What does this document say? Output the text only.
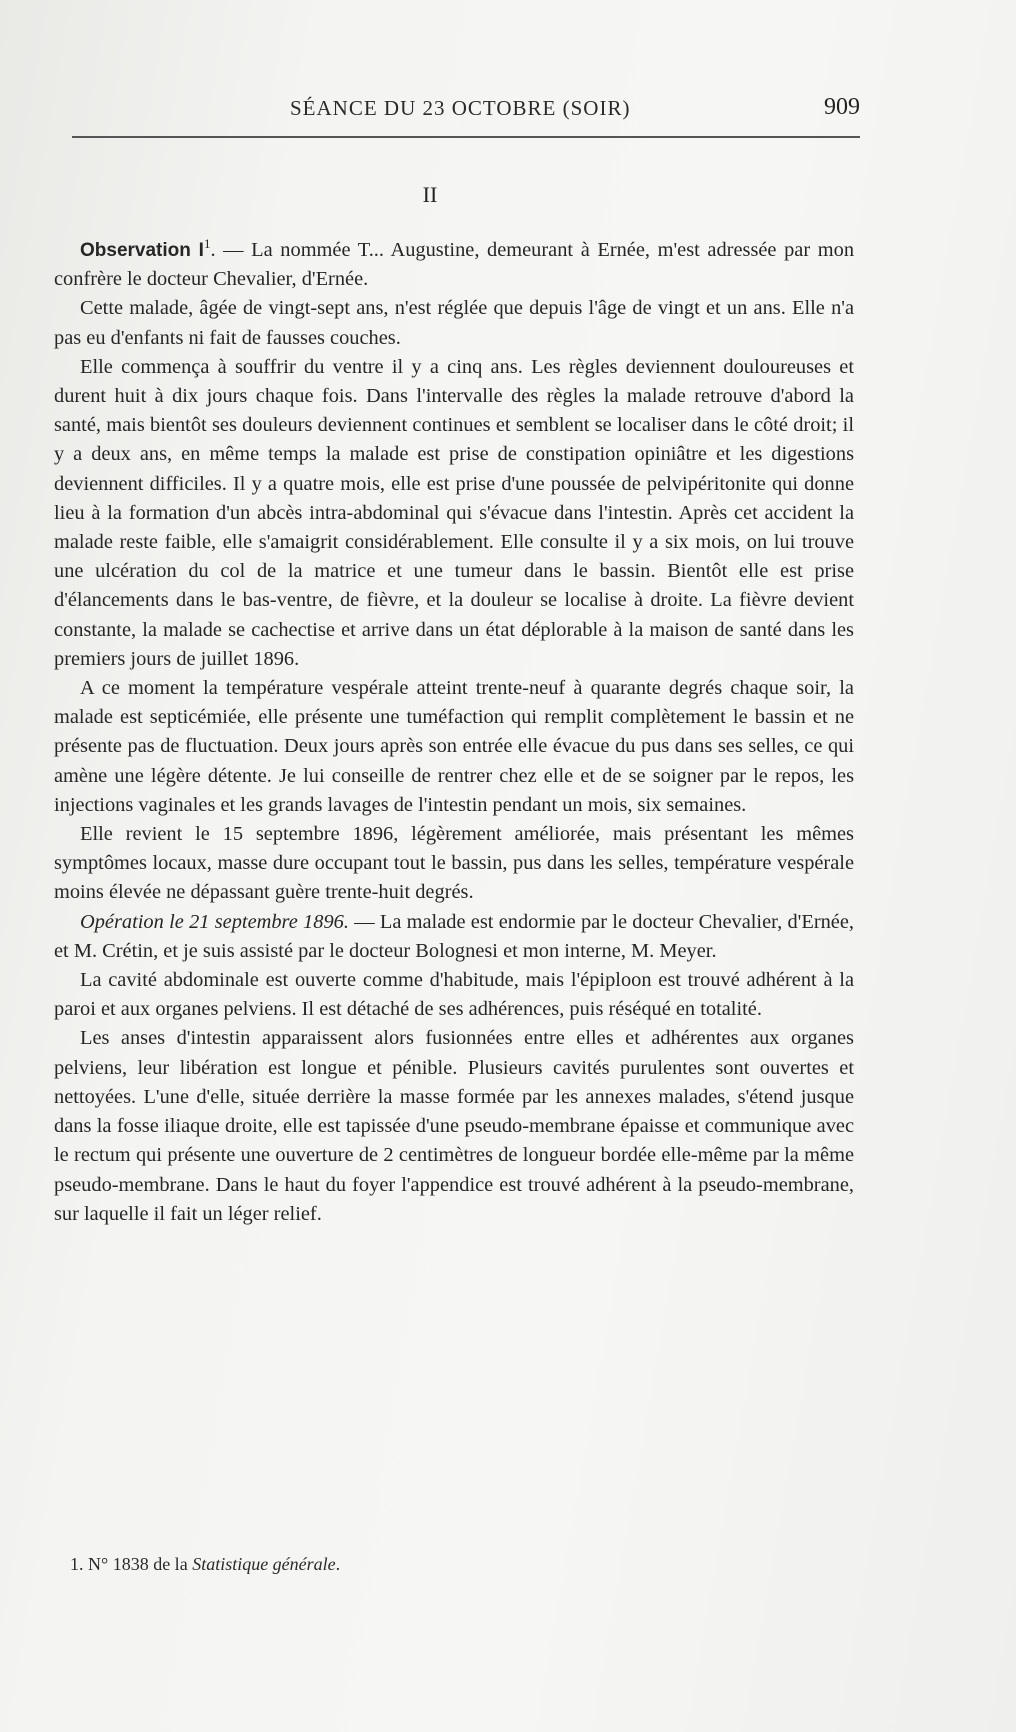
SÉANCE DU 23 OCTOBRE (SOIR)	909
II

Observation I$^1$. — La nommée T... Augustine, demeurant à Ernée, m'est adressée par mon confrère le docteur Chevalier, d'Ernée.

Cette malade, âgée de vingt-sept ans, n'est réglée que depuis l'âge de vingt et un ans. Elle n'a pas eu d'enfants ni fait de fausses couches.

Elle commença à souffrir du ventre il y a cinq ans. Les règles deviennent douloureuses et durent huit à dix jours chaque fois. Dans l'intervalle des règles la malade retrouve d'abord la santé, mais bientôt ses douleurs deviennent continues et semblent se localiser dans le côté droit; il y a deux ans, en même temps la malade est prise de constipation opiniâtre et les digestions deviennent difficiles. Il y a quatre mois, elle est prise d'une poussée de pelvipéritonite qui donne lieu à la formation d'un abcès intra-abdominal qui s'évacue dans l'intestin. Après cet accident la malade reste faible, elle s'amaigrit considérablement. Elle consulte il y a six mois, on lui trouve une ulcération du col de la matrice et une tumeur dans le bassin. Bientôt elle est prise d'élancements dans le bas-ventre, de fièvre, et la douleur se localise à droite. La fièvre devient constante, la malade se cachectise et arrive dans un état déplorable à la maison de santé dans les premiers jours de juillet 1896.

A ce moment la température vespérale atteint trente-neuf à quarante degrés chaque soir, la malade est septicémiée, elle présente une tuméfaction qui remplit complètement le bassin et ne présente pas de fluctuation. Deux jours après son entrée elle évacue du pus dans ses selles, ce qui amène une légère détente. Je lui conseille de rentrer chez elle et de se soigner par le repos, les injections vaginales et les grands lavages de l'intestin pendant un mois, six semaines.

Elle revient le 15 septembre 1896, légèrement améliorée, mais présentant les mêmes symptômes locaux, masse dure occupant tout le bassin, pus dans les selles, température vespérale moins élevée ne dépassant guère trente-huit degrés.

Opération le 21 septembre 1896. — La malade est endormie par le docteur Chevalier, d'Ernée, et M. Crétin, et je suis assisté par le docteur Bolognesi et mon interne, M. Meyer.

La cavité abdominale est ouverte comme d'habitude, mais l'épiploon est trouvé adhérent à la paroi et aux organes pelviens. Il est détaché de ses adhérences, puis réséqué en totalité.

Les anses d'intestin apparaissent alors fusionnées entre elles et adhérentes aux organes pelviens, leur libération est longue et pénible. Plusieurs cavités purulentes sont ouvertes et nettoyées. L'une d'elle, située derrière la masse formée par les annexes malades, s'étend jusque dans la fosse iliaque droite, elle est tapissée d'une pseudo-membrane épaisse et communique avec le rectum qui présente une ouverture de 2 centimètres de longueur bordée elle-même par la même pseudo-membrane. Dans le haut du foyer l'appendice est trouvé adhérent à la pseudo-membrane, sur laquelle il fait un léger relief.

1. N° 1838 de la Statistique générale.
